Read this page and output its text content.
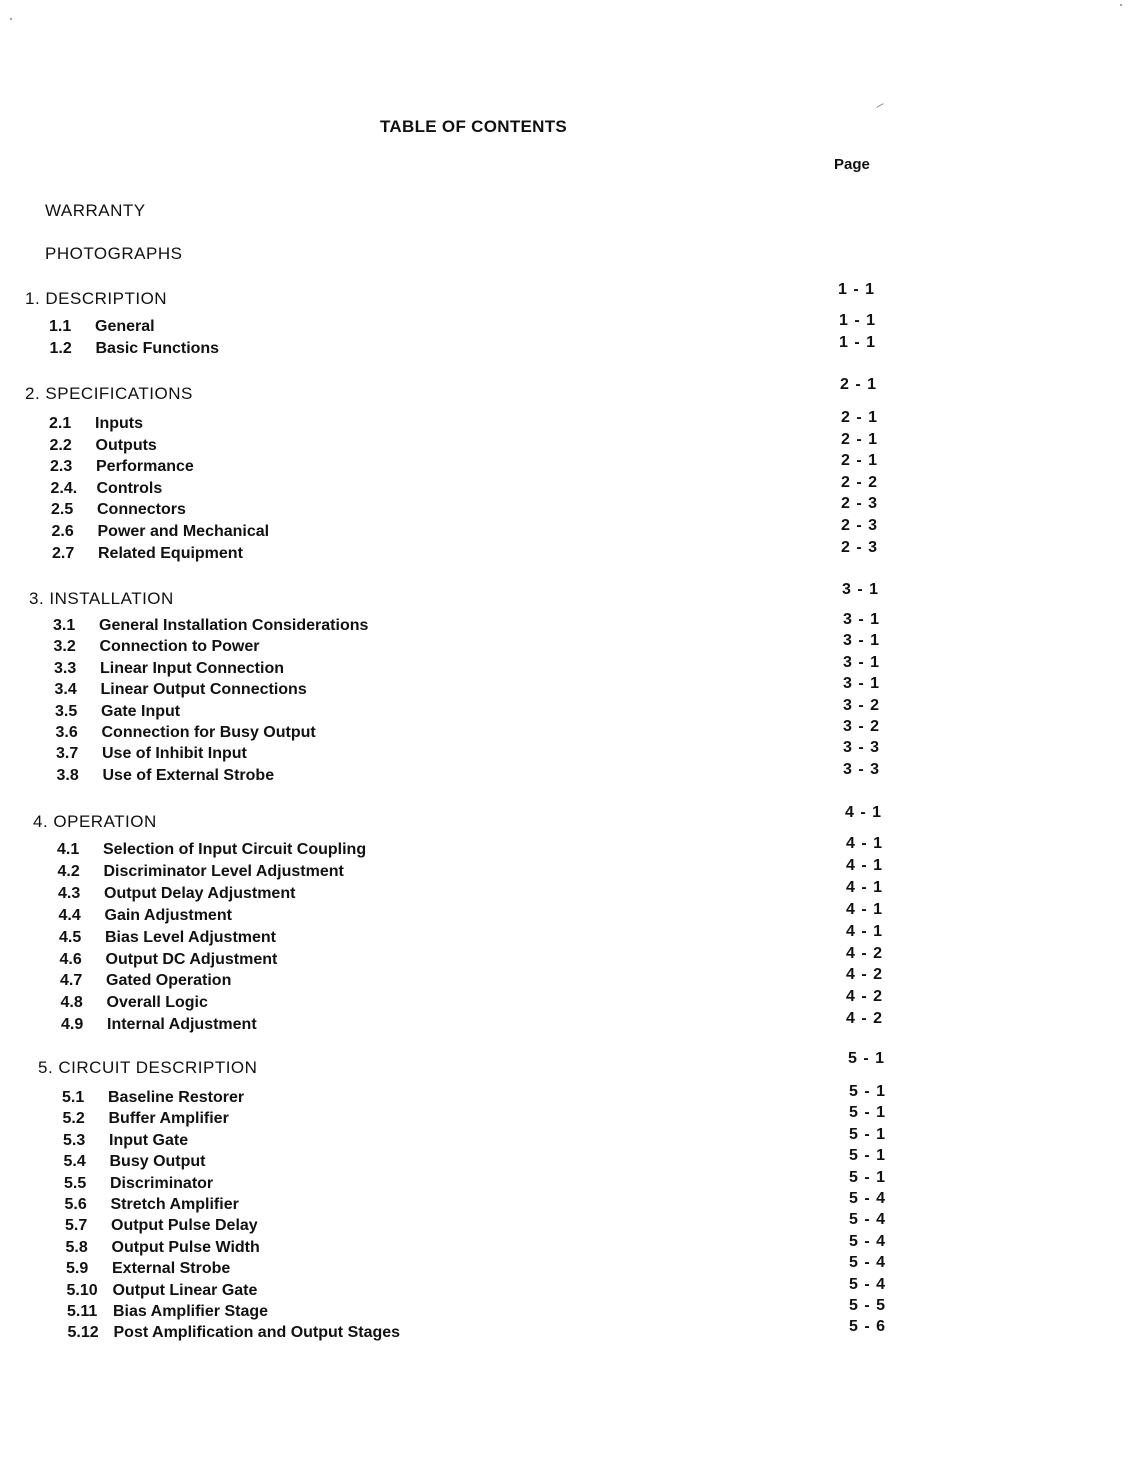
TABLE OF CONTENTS
Page
WARRANTY
PHOTOGRAPHS
1. DESCRIPTION	1 - 1
1.1 General	1 - 1
1.2 Basic Functions	1 - 1
2. SPECIFICATIONS	2 - 1
2.1 Inputs	2 - 1
2.2 Outputs	2 - 1
2.3 Performance	2 - 1
2.4. Controls	2 - 2
2.5 Connectors	2 - 3
2.6 Power and Mechanical	2 - 3
2.7 Related Equipment	2 - 3
3. INSTALLATION	3 - 1
3.1 General Installation Considerations	3 - 1
3.2 Connection to Power	3 - 1
3.3 Linear Input Connection	3 - 1
3.4 Linear Output Connections	3 - 1
3.5 Gate Input	3 - 2
3.6 Connection for Busy Output	3 - 2
3.7 Use of Inhibit Input	3 - 3
3.8 Use of External Strobe	3 - 3
4. OPERATION	4 - 1
4.1 Selection of Input Circuit Coupling	4 - 1
4.2 Discriminator Level Adjustment	4 - 1
4.3 Output Delay Adjustment	4 - 1
4.4 Gain Adjustment	4 - 1
4.5 Bias Level Adjustment	4 - 1
4.6 Output DC Adjustment	4 - 2
4.7 Gated Operation	4 - 2
4.8 Overall Logic	4 - 2
4.9 Internal Adjustment	4 - 2
5. CIRCUIT DESCRIPTION	5 - 1
5.1 Baseline Restorer	5 - 1
5.2 Buffer Amplifier	5 - 1
5.3 Input Gate	5 - 1
5.4 Busy Output	5 - 1
5.5 Discriminator	5 - 1
5.6 Stretch Amplifier	5 - 4
5.7 Output Pulse Delay	5 - 4
5.8 Output Pulse Width	5 - 4
5.9 External Strobe	5 - 4
5.10 Output Linear Gate	5 - 4
5.11 Bias Amplifier Stage	5 - 5
5.12 Post Amplification and Output Stages	5 - 6
